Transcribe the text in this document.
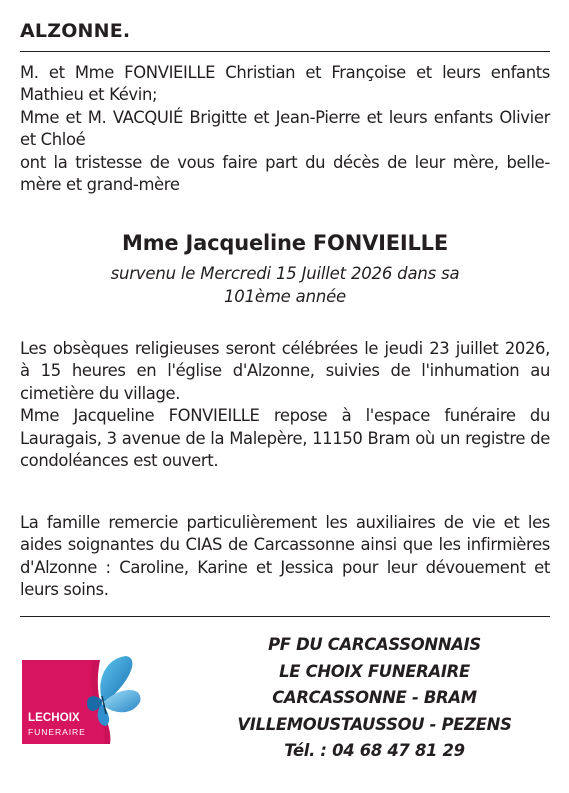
ALZONNE.

M. et Mme FONVIEILLE Christian et Françoise et leurs enfants Mathieu et Kévin;

Mme et M. VACQUIÉ Brigitte et Jean-Pierre et leurs enfants Olivier et Chloé

ont la tristesse de vous faire part du décès de leur mère, belle-mère et grand-mère

Mme Jacqueline FONVIEILLE
survenu le Mercredi 15 Juillet 2026 dans sa
101ème année

Les obsèques religieuses seront célébrées le jeudi 23 juillet 2026, à 15 heures en l'église d'Alzonne, suivies de l'inhumation au cimetière du village.

Mme Jacqueline FONVIEILLE repose à l'espace funéraire du Lauragais, 3 avenue de la Malepère, 11150 Bram où un registre de condoléances est ouvert.

La famille remercie particulièrement les auxiliaires de vie et les aides soignantes du CIAS de Carcassonne ainsi que les infirmières d'Alzonne : Caroline, Karine et Jessica pour leur dévouement et leurs soins.

LECHOIX
FUNERAIRE
PF DU CARCASSONNAIS
LE CHOIX FUNERAIRE
CARCASSONNE - BRAM
VILLEMOUSTAUSSOU - PEZENS
Tél. : 04 68 47 81 29
